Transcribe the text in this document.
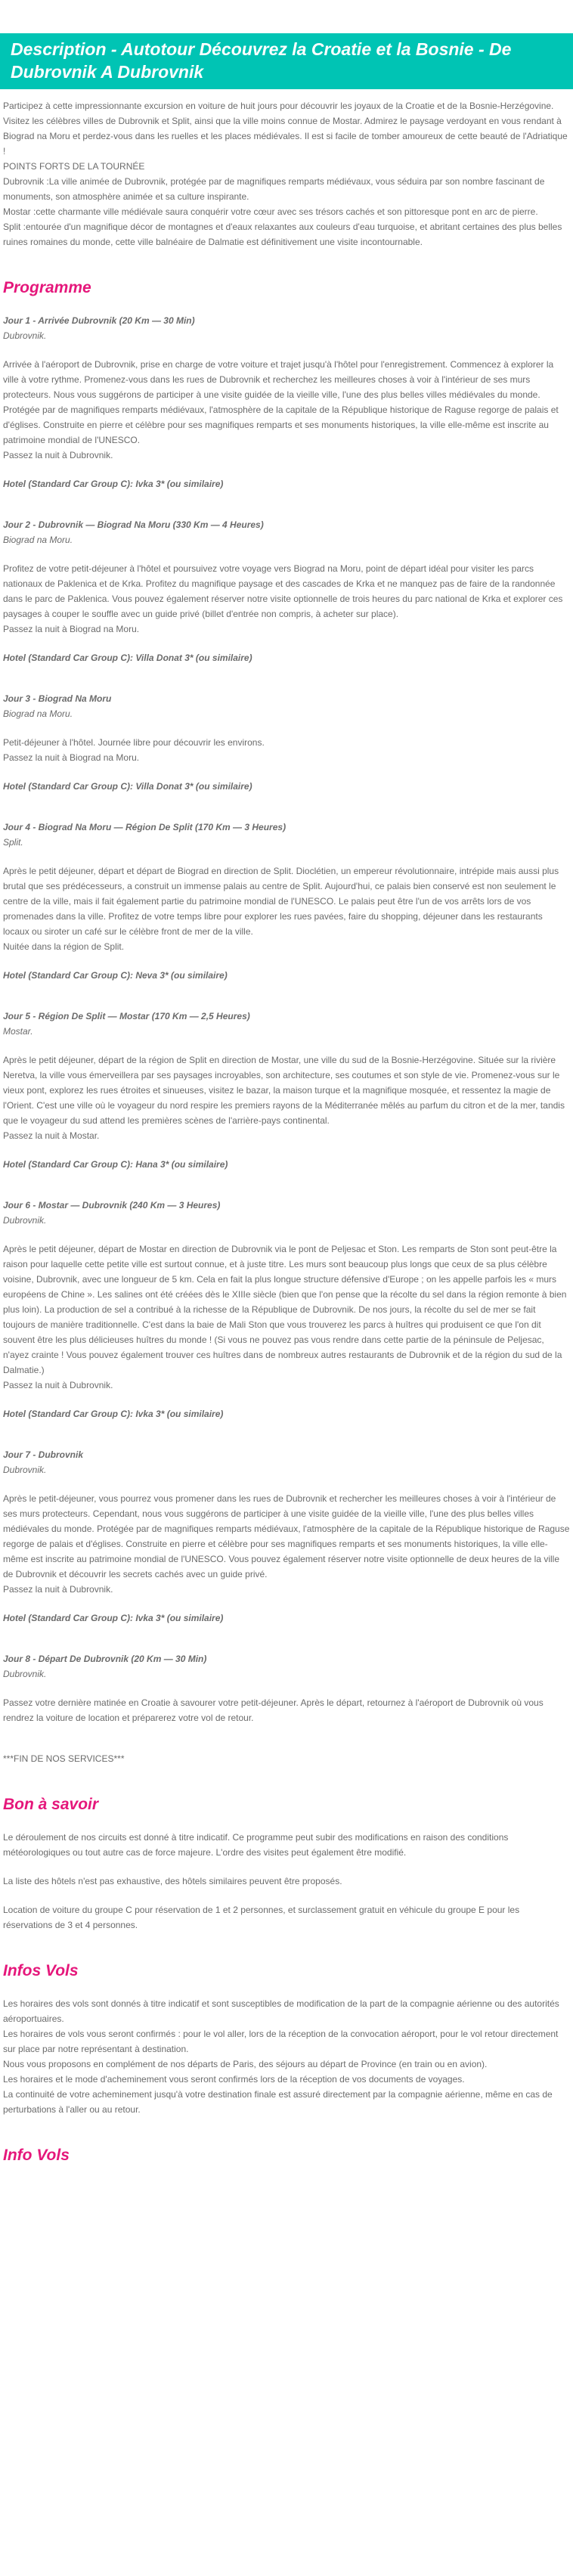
Description - Autotour Découvrez la Croatie et la Bosnie - De Dubrovnik A Dubrovnik

Participez à cette impressionnante excursion en voiture de huit jours pour découvrir les joyaux de la Croatie et de la Bosnie-Herzégovine. Visitez les célèbres villes de Dubrovnik et Split, ainsi que la ville moins connue de Mostar. Admirez le paysage verdoyant en vous rendant à Biograd na Moru et perdez-vous dans les ruelles et les places médiévales. Il est si facile de tomber amoureux de cette beauté de l'Adriatique !

POINTS FORTS DE LA TOURNÉE

Dubrovnik :La ville animée de Dubrovnik, protégée par de magnifiques remparts médiévaux, vous séduira par son nombre fascinant de monuments, son atmosphère animée et sa culture inspirante.

Mostar :cette charmante ville médiévale saura conquérir votre cœur avec ses trésors cachés et son pittoresque pont en arc de pierre.

Split :entourée d'un magnifique décor de montagnes et d'eaux relaxantes aux couleurs d'eau turquoise, et abritant certaines des plus belles ruines romaines du monde, cette ville balnéaire de Dalmatie est définitivement une visite incontournable.

Programme

Jour 1 - Arrivée Dubrovnik (20 Km — 30 Min)

Dubrovnik.

Arrivée à l'aéroport de Dubrovnik, prise en charge de votre voiture et trajet jusqu'à l'hôtel pour l'enregistrement. Commencez à explorer la ville à votre rythme. Promenez-vous dans les rues de Dubrovnik et recherchez les meilleures choses à voir à l'intérieur de ses murs protecteurs. Nous vous suggérons de participer à une visite guidée de la vieille ville, l'une des plus belles villes médiévales du monde. Protégée par de magnifiques remparts médiévaux, l'atmosphère de la capitale de la République historique de Raguse regorge de palais et d'églises. Construite en pierre et célèbre pour ses magnifiques remparts et ses monuments historiques, la ville elle-même est inscrite au patrimoine mondial de l'UNESCO.

Passez la nuit à Dubrovnik.

Hotel (Standard Car Group C): Ivka 3* (ou similaire)

Jour 2 - Dubrovnik — Biograd Na Moru (330 Km — 4 Heures)

Biograd na Moru.

Profitez de votre petit-déjeuner à l'hôtel et poursuivez votre voyage vers Biograd na Moru, point de départ idéal pour visiter les parcs nationaux de Paklenica et de Krka. Profitez du magnifique paysage et des cascades de Krka et ne manquez pas de faire de la randonnée dans le parc de Paklenica. Vous pouvez également réserver notre visite optionnelle de trois heures du parc national de Krka et explorer ces paysages à couper le souffle avec un guide privé (billet d'entrée non compris, à acheter sur place).

Passez la nuit à Biograd na Moru.

Hotel (Standard Car Group C): Villa Donat 3* (ou similaire)

Jour 3 - Biograd Na Moru

Biograd na Moru.

Petit-déjeuner à l'hôtel. Journée libre pour découvrir les environs.

Passez la nuit à Biograd na Moru.

Hotel (Standard Car Group C): Villa Donat 3* (ou similaire)

Jour 4 - Biograd Na Moru — Région De Split (170 Km — 3 Heures)

Split.

Après le petit déjeuner, départ et départ de Biograd en direction de Split. Dioclétien, un empereur révolutionnaire, intrépide mais aussi plus brutal que ses prédécesseurs, a construit un immense palais au centre de Split. Aujourd'hui, ce palais bien conservé est non seulement le centre de la ville, mais il fait également partie du patrimoine mondial de l'UNESCO. Le palais peut être l'un de vos arrêts lors de vos promenades dans la ville. Profitez de votre temps libre pour explorer les rues pavées, faire du shopping, déjeuner dans les restaurants locaux ou siroter un café sur le célèbre front de mer de la ville.

Nuitée dans la région de Split.

Hotel (Standard Car Group C): Neva 3* (ou similaire)

Jour 5 - Région De Split — Mostar (170 Km — 2,5 Heures)

Mostar.

Après le petit déjeuner, départ de la région de Split en direction de Mostar, une ville du sud de la Bosnie-Herzégovine. Située sur la rivière Neretva, la ville vous émerveillera par ses paysages incroyables, son architecture, ses coutumes et son style de vie. Promenez-vous sur le vieux pont, explorez les rues étroites et sinueuses, visitez le bazar, la maison turque et la magnifique mosquée, et ressentez la magie de l'Orient. C'est une ville où le voyageur du nord respire les premiers rayons de la Méditerranée mêlés au parfum du citron et de la mer, tandis que le voyageur du sud attend les premières scènes de l'arrière-pays continental.

Passez la nuit à Mostar.

Hotel (Standard Car Group C): Hana 3* (ou similaire)

Jour 6 - Mostar — Dubrovnik (240 Km — 3 Heures)

Dubrovnik.

Après le petit déjeuner, départ de Mostar en direction de Dubrovnik via le pont de Peljesac et Ston. Les remparts de Ston sont peut-être la raison pour laquelle cette petite ville est surtout connue, et à juste titre. Les murs sont beaucoup plus longs que ceux de sa plus célèbre voisine, Dubrovnik, avec une longueur de 5 km. Cela en fait la plus longue structure défensive d'Europe ; on les appelle parfois les « murs européens de Chine ». Les salines ont été créées dès le XIIIe siècle (bien que l'on pense que la récolte du sel dans la région remonte à bien plus loin). La production de sel a contribué à la richesse de la République de Dubrovnik. De nos jours, la récolte du sel de mer se fait toujours de manière traditionnelle. C'est dans la baie de Mali Ston que vous trouverez les parcs à huîtres qui produisent ce que l'on dit souvent être les plus délicieuses huîtres du monde ! (Si vous ne pouvez pas vous rendre dans cette partie de la péninsule de Peljesac, n'ayez crainte ! Vous pouvez également trouver ces huîtres dans de nombreux autres restaurants de Dubrovnik et de la région du sud de la Dalmatie.)

Passez la nuit à Dubrovnik.

Hotel (Standard Car Group C): Ivka 3* (ou similaire)

Jour 7 - Dubrovnik

Dubrovnik.

Après le petit-déjeuner, vous pourrez vous promener dans les rues de Dubrovnik et rechercher les meilleures choses à voir à l'intérieur de ses murs protecteurs. Cependant, nous vous suggérons de participer à une visite guidée de la vieille ville, l'une des plus belles villes médiévales du monde. Protégée par de magnifiques remparts médiévaux, l'atmosphère de la capitale de la République historique de Raguse regorge de palais et d'églises. Construite en pierre et célèbre pour ses magnifiques remparts et ses monuments historiques, la ville elle-même est inscrite au patrimoine mondial de l'UNESCO. Vous pouvez également réserver notre visite optionnelle de deux heures de la ville de Dubrovnik et découvrir les secrets cachés avec un guide privé.

Passez la nuit à Dubrovnik.

Hotel (Standard Car Group C): Ivka 3* (ou similaire)

Jour 8 - Départ De Dubrovnik (20 Km — 30 Min)

Dubrovnik.

Passez votre dernière matinée en Croatie à savourer votre petit-déjeuner. Après le départ, retournez à l'aéroport de Dubrovnik où vous rendrez la voiture de location et préparerez votre vol de retour.

***FIN DE NOS SERVICES***

Bon à savoir

Le déroulement de nos circuits est donné à titre indicatif. Ce programme peut subir des modifications en raison des conditions météorologiques ou tout autre cas de force majeure. L'ordre des visites peut également être modifié.

La liste des hôtels n'est pas exhaustive, des hôtels similaires peuvent être proposés.

Location de voiture du groupe C pour réservation de 1 et 2 personnes, et surclassement gratuit en véhicule du groupe E pour les réservations de 3 et 4 personnes.

Infos Vols

Les horaires des vols sont donnés à titre indicatif et sont susceptibles de modification de la part de la compagnie aérienne ou des autorités aéroportuaires.

Les horaires de vols vous seront confirmés : pour le vol aller, lors de la réception de la convocation aéroport, pour le vol retour directement sur place par notre représentant à destination.

Nous vous proposons en complément de nos départs de Paris, des séjours au départ de Province (en train ou en avion).

Les horaires et le mode d'acheminement vous seront confirmés lors de la réception de vos documents de voyages.

La continuité de votre acheminement jusqu'à votre destination finale est assuré directement par la compagnie aérienne, même en cas de perturbations à l'aller ou au retour.

Info Vols
